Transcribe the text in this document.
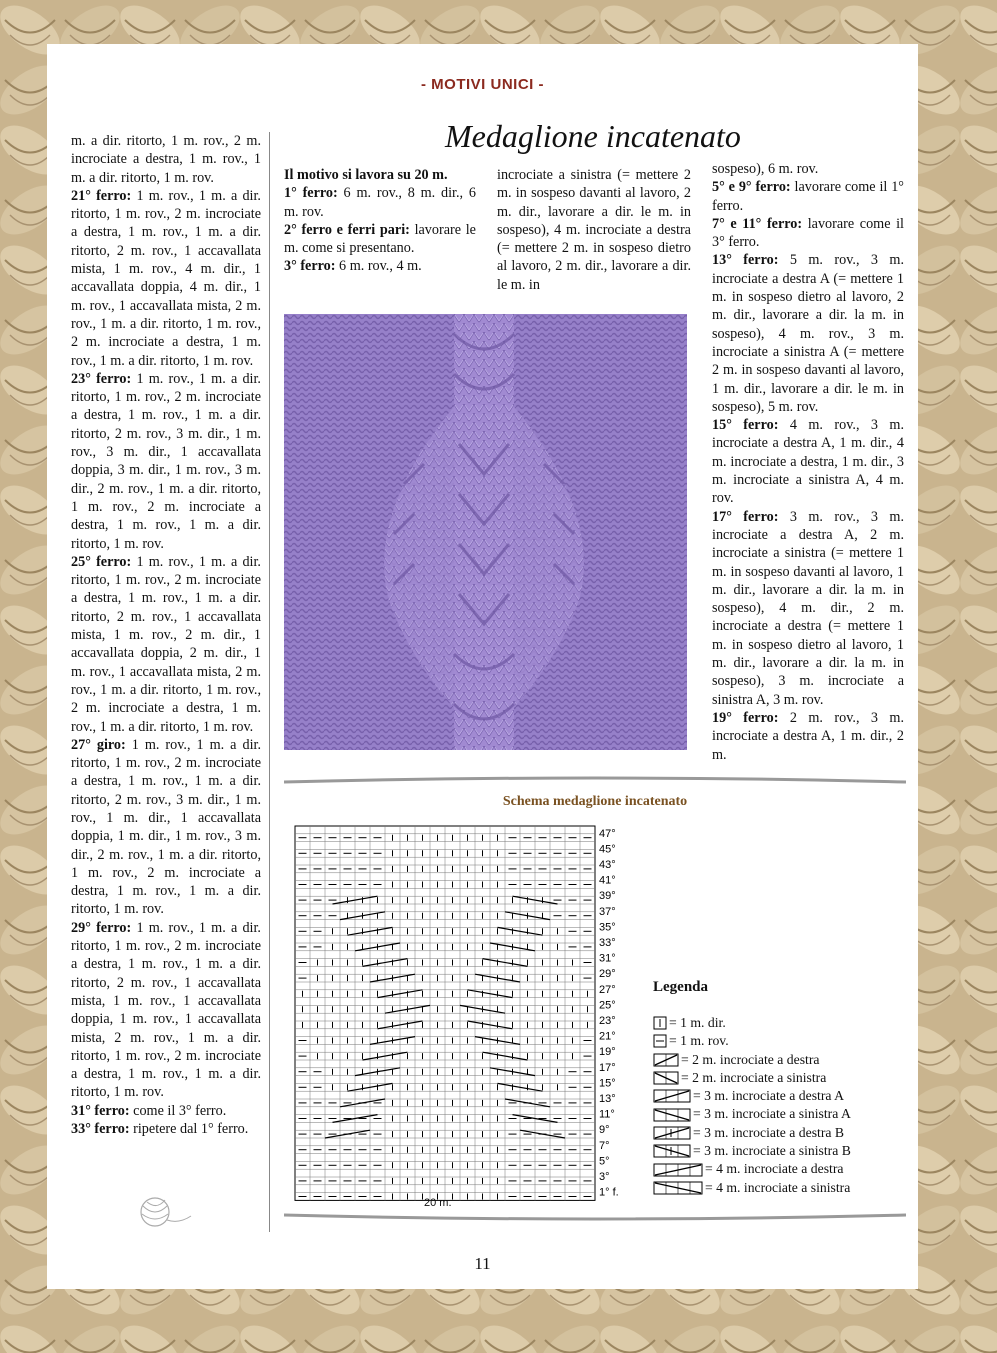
- MOTIVI UNICI -
Medaglione incatenato

m. a dir. ritorto, 1 m. rov., 2 m. incrociate a destra, 1 m. rov., 1 m. a dir. ritorto, 1 m. rov.

21° ferro: 1 m. rov., 1 m. a dir. ritorto, 1 m. rov., 2 m. incrociate a destra, 1 m. rov., 1 m. a dir. ritorto, 2 m. rov., 1 accavallata mista, 1 m. rov., 4 m. dir., 1 accavallata doppia, 4 m. dir., 1 m. rov., 1 accavallata mista, 2 m. rov., 1 m. a dir. ritorto, 1 m. rov., 2 m. incrociate a destra, 1 m. rov., 1 m. a dir. ritorto, 1 m. rov.

23° ferro: 1 m. rov., 1 m. a dir. ritorto, 1 m. rov., 2 m. incrociate a destra, 1 m. rov., 1 m. a dir. ritorto, 2 m. rov., 3 m. dir., 1 m. rov., 3 m. dir., 1 accavallata doppia, 3 m. dir., 1 m. rov., 3 m. dir., 2 m. rov., 1 m. a dir. ritorto, 1 m. rov., 2 m. incrociate a destra, 1 m. rov., 1 m. a dir. ritorto, 1 m. rov.

25° ferro: 1 m. rov., 1 m. a dir. ritorto, 1 m. rov., 2 m. incrociate a destra, 1 m. rov., 1 m. a dir. ritorto, 2 m. rov., 1 accavallata mista, 1 m. rov., 2 m. dir., 1 accavallata doppia, 2 m. dir., 1 m. rov., 1 accavallata mista, 2 m. rov., 1 m. a dir. ritorto, 1 m. rov., 2 m. incrociate a destra, 1 m. rov., 1 m. a dir. ritorto, 1 m. rov.

27° giro: 1 m. rov., 1 m. a dir. ritorto, 1 m. rov., 2 m. incrociate a destra, 1 m. rov., 1 m. a dir. ritorto, 2 m. rov., 3 m. dir., 1 m. rov., 1 m. dir., 1 accavallata doppia, 1 m. dir., 1 m. rov., 3 m. dir., 2 m. rov., 1 m. a dir. ritorto, 1 m. rov., 2 m. incrociate a destra, 1 m. rov., 1 m. a dir. ritorto, 1 m. rov.

29° ferro: 1 m. rov., 1 m. a dir. ritorto, 1 m. rov., 2 m. incrociate a destra, 1 m. rov., 1 m. a dir. ritorto, 2 m. rov., 1 accavallata mista, 1 m. rov., 1 accavallata doppia, 1 m. rov., 1 accavallata mista, 2 m. rov., 1 m. a dir. ritorto, 1 m. rov., 2 m. incrociate a destra, 1 m. rov., 1 m. a dir. ritorto, 1 m. rov.

31° ferro: come il 3° ferro.

33° ferro: ripetere dal 1° ferro.

Il motivo si lavora su 20 m.

1° ferro: 6 m. rov., 8 m. dir., 6 m. rov.

2° ferro e ferri pari: lavorare le m. come si presentano.

3° ferro: 6 m. rov., 4 m.

incrociate a sinistra (= mettere 2 m. in sospeso davanti al lavoro, 2 m. dir., lavorare a dir. le m. in sospeso), 4 m. incrociate a destra (= mettere 2 m. in sospeso dietro al lavoro, 2 m. dir., lavorare a dir. le m. in

sospeso), 6 m. rov.

5° e 9° ferro: lavorare come il 1° ferro.

7° e 11° ferro: lavorare come il 3° ferro.

13° ferro: 5 m. rov., 3 m. incrociate a destra A (= mettere 1 m. in sospeso dietro al lavoro, 2 m. dir., lavorare a dir. la m. in sospeso), 4 m. rov., 3 m. incrociate a sinistra A (= mettere 2 m. in sospeso davanti al lavoro, 1 m. dir., lavorare a dir. le m. in sospeso), 5 m. rov.

15° ferro: 4 m. rov., 3 m. incrociate a destra A, 1 m. dir., 4 m. incrociate a destra, 1 m. dir., 3 m. incrociate a sinistra A, 4 m. rov.

17° ferro: 3 m. rov., 3 m. incrociate a destra A, 2 m. incrociate a sinistra (= mettere 1 m. in sospeso davanti al lavoro, 1 m. dir., lavorare a dir. la m. in sospeso), 4 m. dir., 2 m. incrociate a destra (= mettere 1 m. in sospeso dietro al lavoro, 1 m. dir., lavorare a dir. la m. in sospeso), 3 m. incrociate a sinistra A, 3 m. rov.

19° ferro: 2 m. rov., 3 m. incrociate a destra A, 1 m. dir., 2 m.

Schema medaglione incatenato
47°
45°
43°
41°
39°
37°
35°
33°
31°
29°
27°
25°
23°
21°
19°
17°
15°
13°
11°
9°
7°
5°
3°
1° f.
20 m.
Legenda
= 1 m. dir.
= 1 m. rov.
= 2 m. incrociate a destra
= 2 m. incrociate a sinistra
= 3 m. incrociate a destra A
= 3 m. incrociate a sinistra A
= 3 m. incrociate a destra B
= 3 m. incrociate a sinistra B
= 4 m. incrociate a destra
= 4 m. incrociate a sinistra
11
